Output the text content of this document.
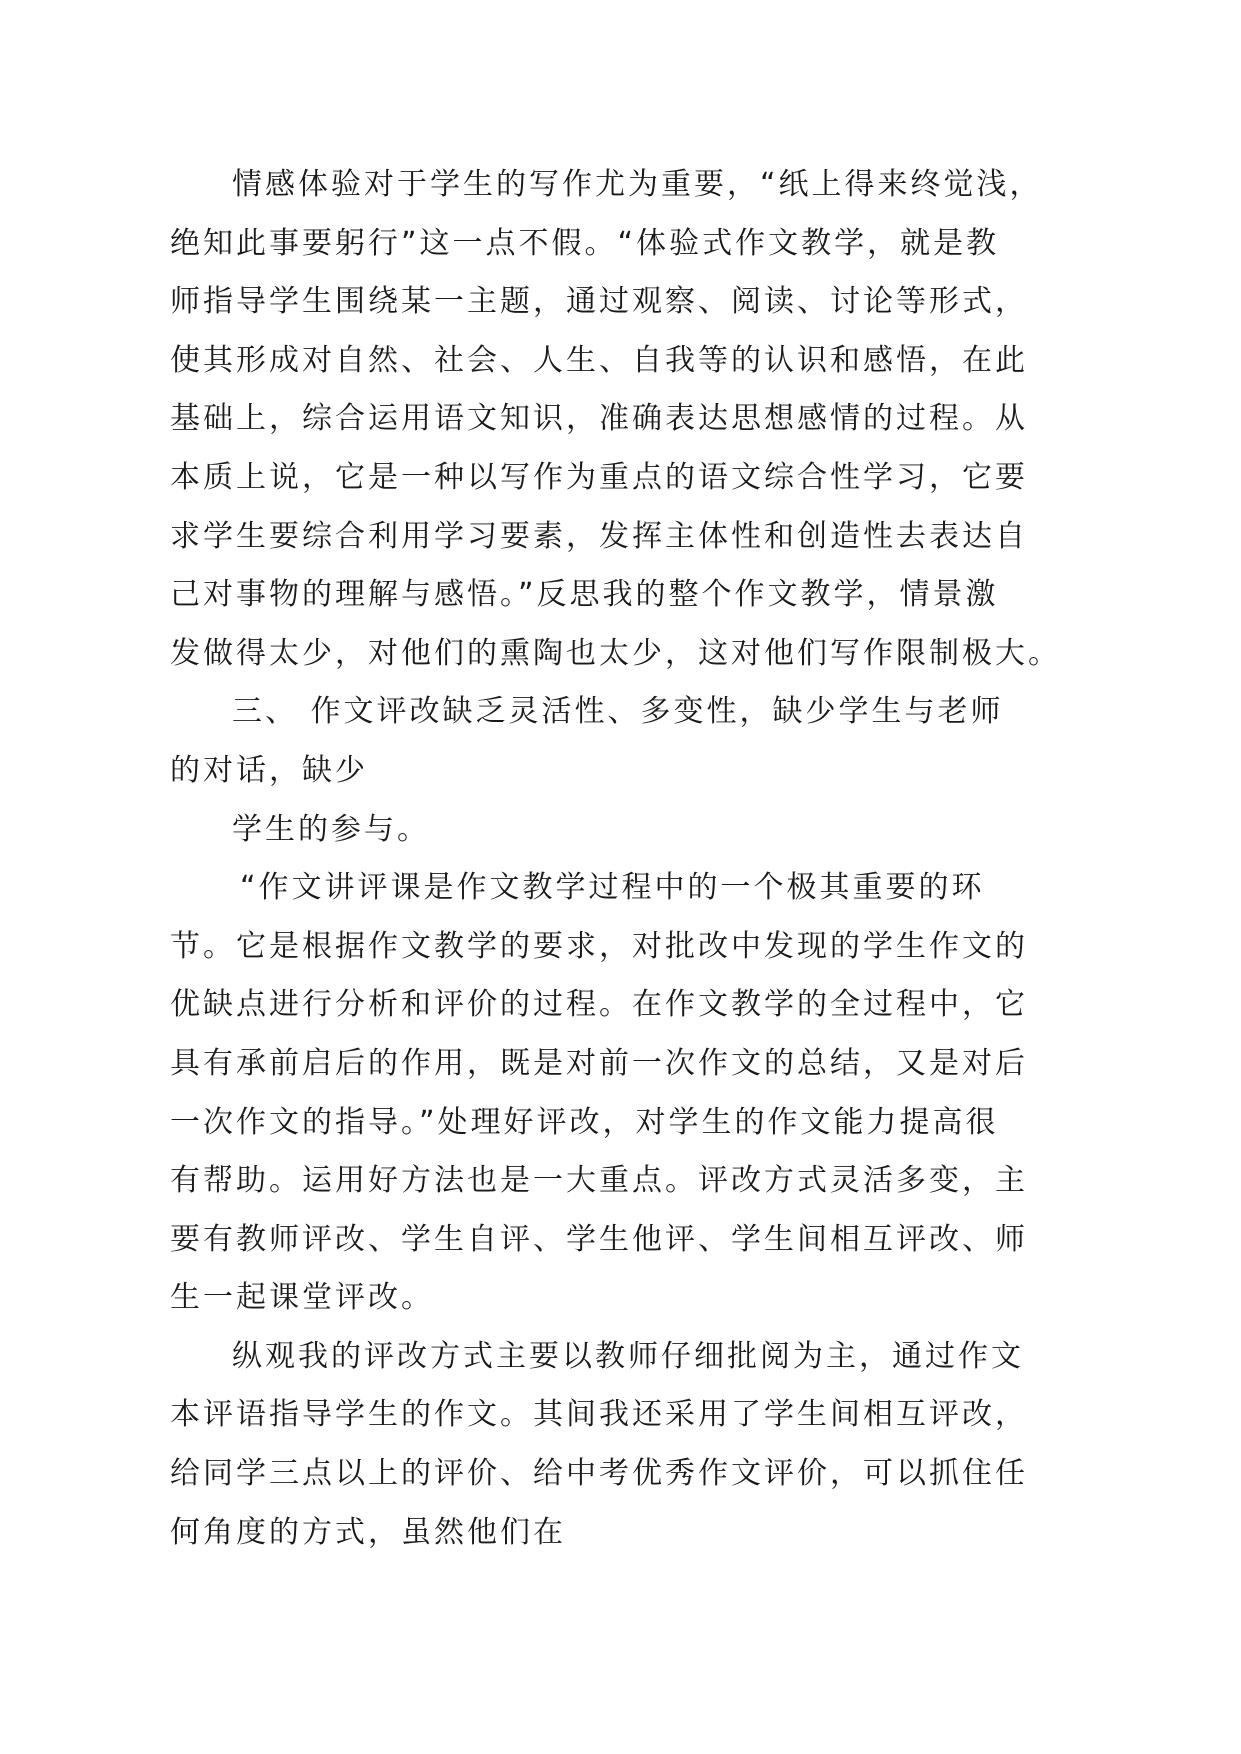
情感体验对于学生的写作尤为重要，“纸上得来终觉浅，
绝知此事要躬行”这一点不假。“体验式作文教学，就是教
师指导学生围绕某一主题，通过观察、阅读、讨论等形式，
使其形成对自然、社会、人生、自我等的认识和感悟，在此
基础上，综合运用语文知识，准确表达思想感情的过程。从
本质上说，它是一种以写作为重点的语文综合性学习，它要
求学生要综合利用学习要素，发挥主体性和创造性去表达自
己对事物的理解与感悟。”反思我的整个作文教学，情景激
发做得太少，对他们的熏陶也太少，这对他们写作限制极大。
三、 作文评改缺乏灵活性、多变性，缺少学生与老师
的对话，缺少
学生的参与。
“作文讲评课是作文教学过程中的一个极其重要的环
节。它是根据作文教学的要求，对批改中发现的学生作文的
优缺点进行分析和评价的过程。在作文教学的全过程中，它
具有承前启后的作用，既是对前一次作文的总结，又是对后
一次作文的指导。”处理好评改，对学生的作文能力提高很
有帮助。运用好方法也是一大重点。评改方式灵活多变，主
要有教师评改、学生自评、学生他评、学生间相互评改、师
生一起课堂评改。
纵观我的评改方式主要以教师仔细批阅为主，通过作文
本评语指导学生的作文。其间我还采用了学生间相互评改，
给同学三点以上的评价、给中考优秀作文评价，可以抓住任
何角度的方式，虽然他们在
